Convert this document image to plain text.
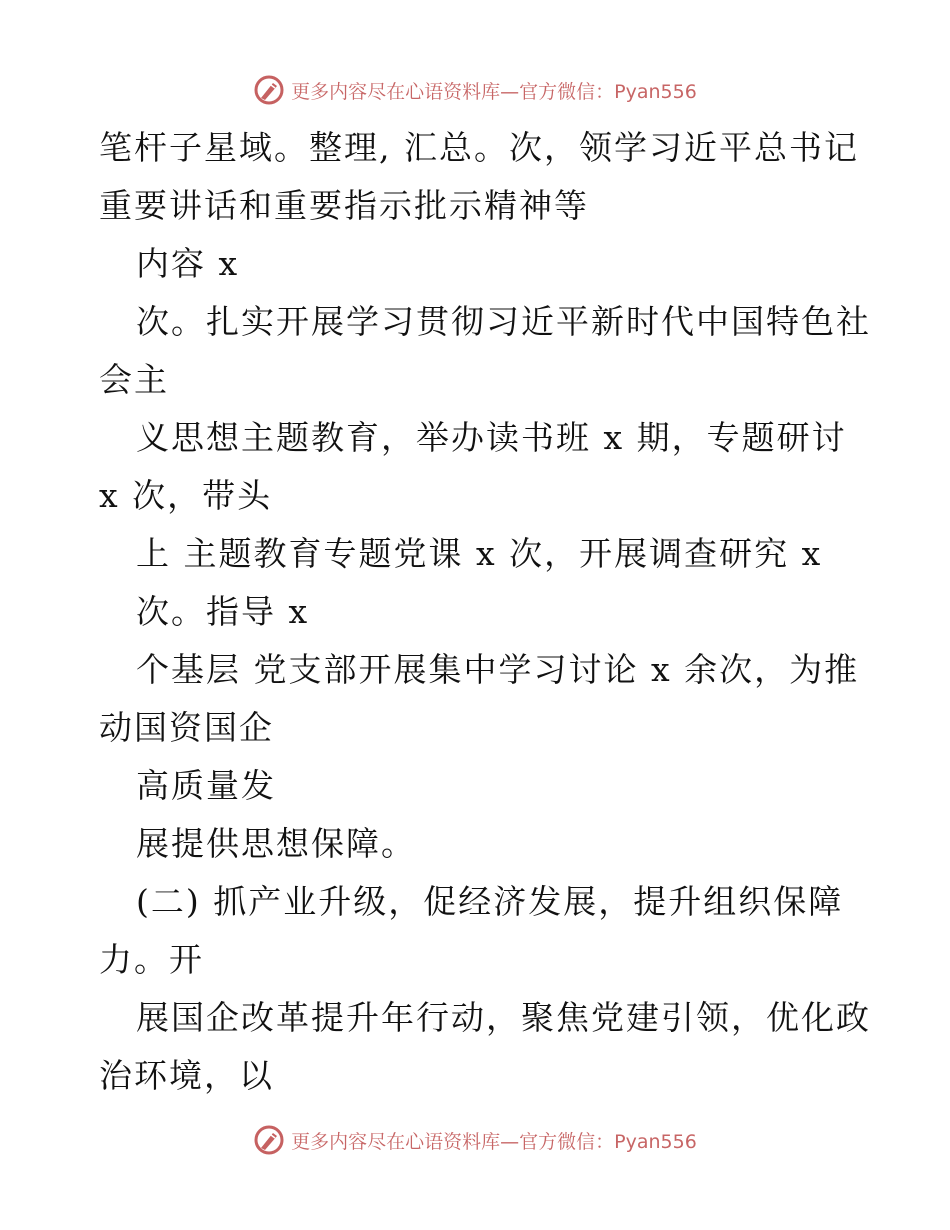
更多内容尽在心语资料库—官方微信：Pyan556
笔杆子星域。整理, 汇总。次，领学习近平总书记
重要讲话和重要指示批示精神等
内容 x
次。扎实开展学习贯彻习近平新时代中国特色社
会主
义思想主题教育，举办读书班 x 期，专题研讨
x 次，带头
上 主题教育专题党课 x 次，开展调查研究 x
次。指导 x
个基层 党支部开展集中学习讨论 x 余次，为推
动国资国企
高质量发
展提供思想保障。
(二) 抓产业升级，促经济发展，提升组织保障
力。开
展国企改革提升年行动，聚焦党建引领，优化政
治环境，以
更多内容尽在心语资料库—官方微信：Pyan556
